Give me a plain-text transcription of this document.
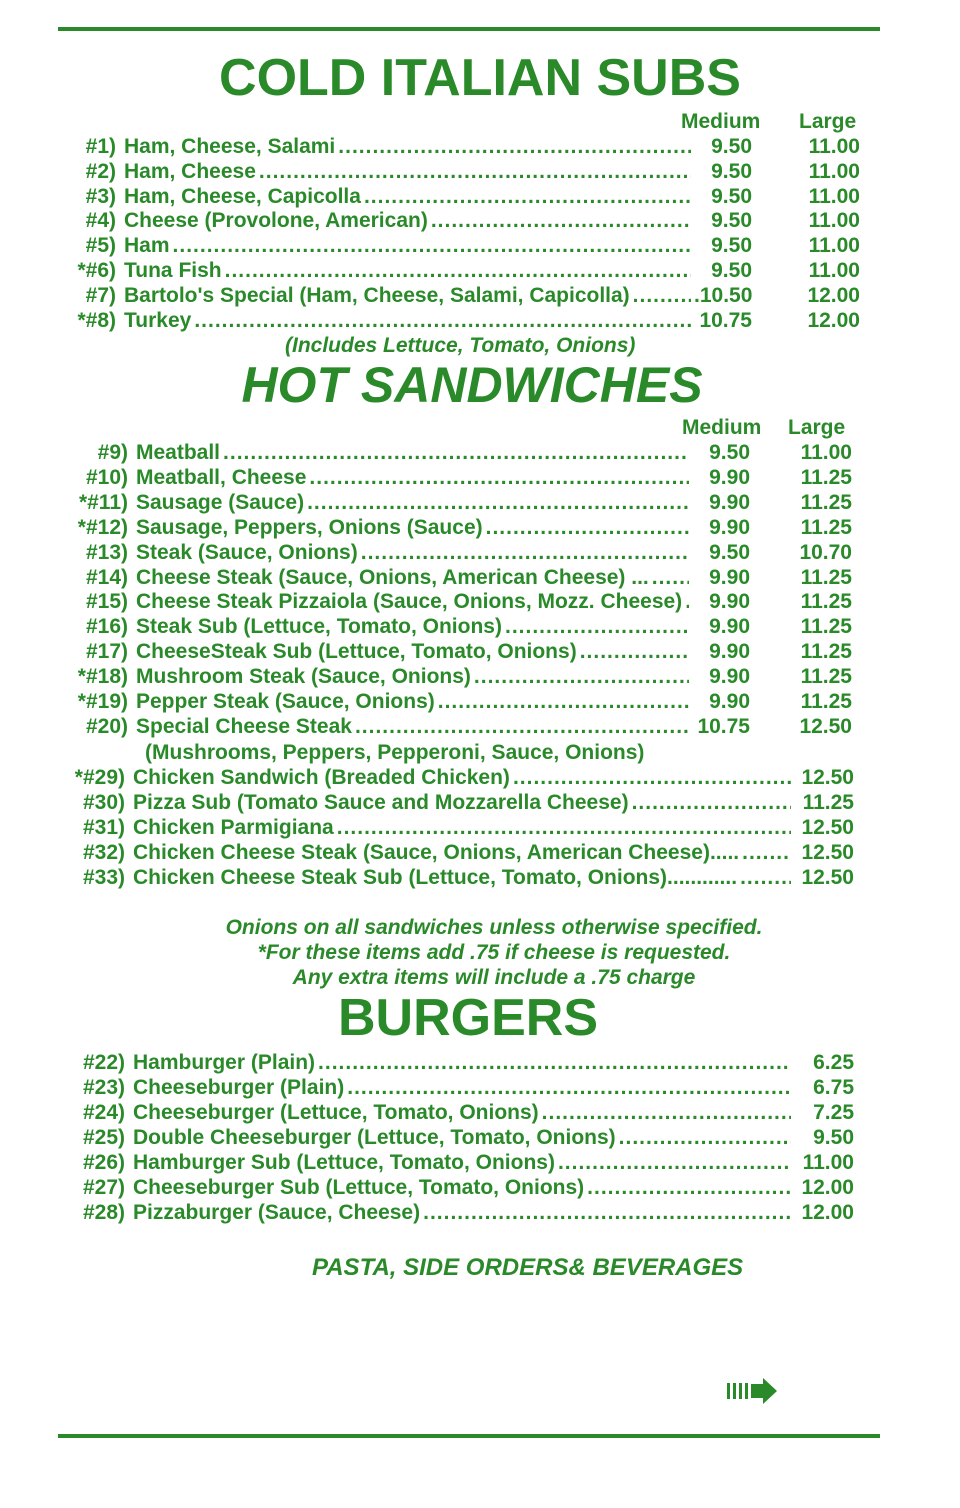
COLD ITALIAN SUBS
Medium Large
#1) Ham, Cheese, Salami .....	9.50	11.00
#2) Ham, Cheese .....	9.50	11.00
#3) Ham, Cheese, Capicolla .....	9.50	11.00
#4) Cheese (Provolone, American) .....	9.50	11.00
#5) Ham .....	9.50	11.00
*#6) Tuna Fish .....	9.50	11.00
#7) Bartolo's Special (Ham, Cheese, Salami, Capicolla) .....	.10.50	12.00
*#8) Turkey .....	10.75	12.00
(Includes Lettuce, Tomato, Onions)
HOT SANDWICHES
Medium Large
#9) Meatball .....	9.50	11.00
#10) Meatball, Cheese .....	9.90	11.25
*#11) Sausage (Sauce) .....	9.90	11.25
*#12) Sausage, Peppers, Onions (Sauce) .....	9.90	11.25
#13) Steak (Sauce, Onions) .....	9.50	10.70
#14) Cheese Steak (Sauce, Onions, American Cheese) ... .....	9.90	11.25
#15) Cheese Steak Pizzaiola (Sauce, Onions, Mozz. Cheese) .....	9.90	11.25
#16) Steak Sub (Lettuce, Tomato, Onions) .....	9.90	11.25
#17) CheeseSteak Sub (Lettuce, Tomato, Onions) .....	9.90	11.25
*#18) Mushroom Steak (Sauce, Onions) .....	9.90	11.25
*#19) Pepper Steak (Sauce, Onions) .....	9.90	11.25
#20) Special Cheese Steak .....	10.75	12.50
(Mushrooms, Peppers, Pepperoni, Sauce, Onions)
*#29) Chicken Sandwich (Breaded Chicken) .....	12.50
#30) Pizza Sub (Tomato Sauce and Mozzarella Cheese) .....	11.25
#31) Chicken Parmigiana .....	12.50
#32) Chicken Cheese Steak (Sauce, Onions, American Cheese)..... .....	12.50
#33) Chicken Cheese Steak Sub (Lettuce, Tomato, Onions)............ .....	12.50
Onions on all sandwiches unless otherwise specified.
*For these items add .75 if cheese is requested.
Any extra items will include a .75 charge
BURGERS
#22) Hamburger (Plain) .....	6.25
#23) Cheeseburger (Plain) .....	6.75
#24) Cheeseburger (Lettuce, Tomato, Onions) .....	7.25
#25) Double Cheeseburger (Lettuce, Tomato, Onions) .....	9.50
#26) Hamburger Sub (Lettuce, Tomato, Onions) .....	11.00
#27) Cheeseburger Sub (Lettuce, Tomato, Onions) .....	12.00
#28) Pizzaburger (Sauce, Cheese) .....	12.00
PASTA, SIDE ORDERS& BEVERAGES
